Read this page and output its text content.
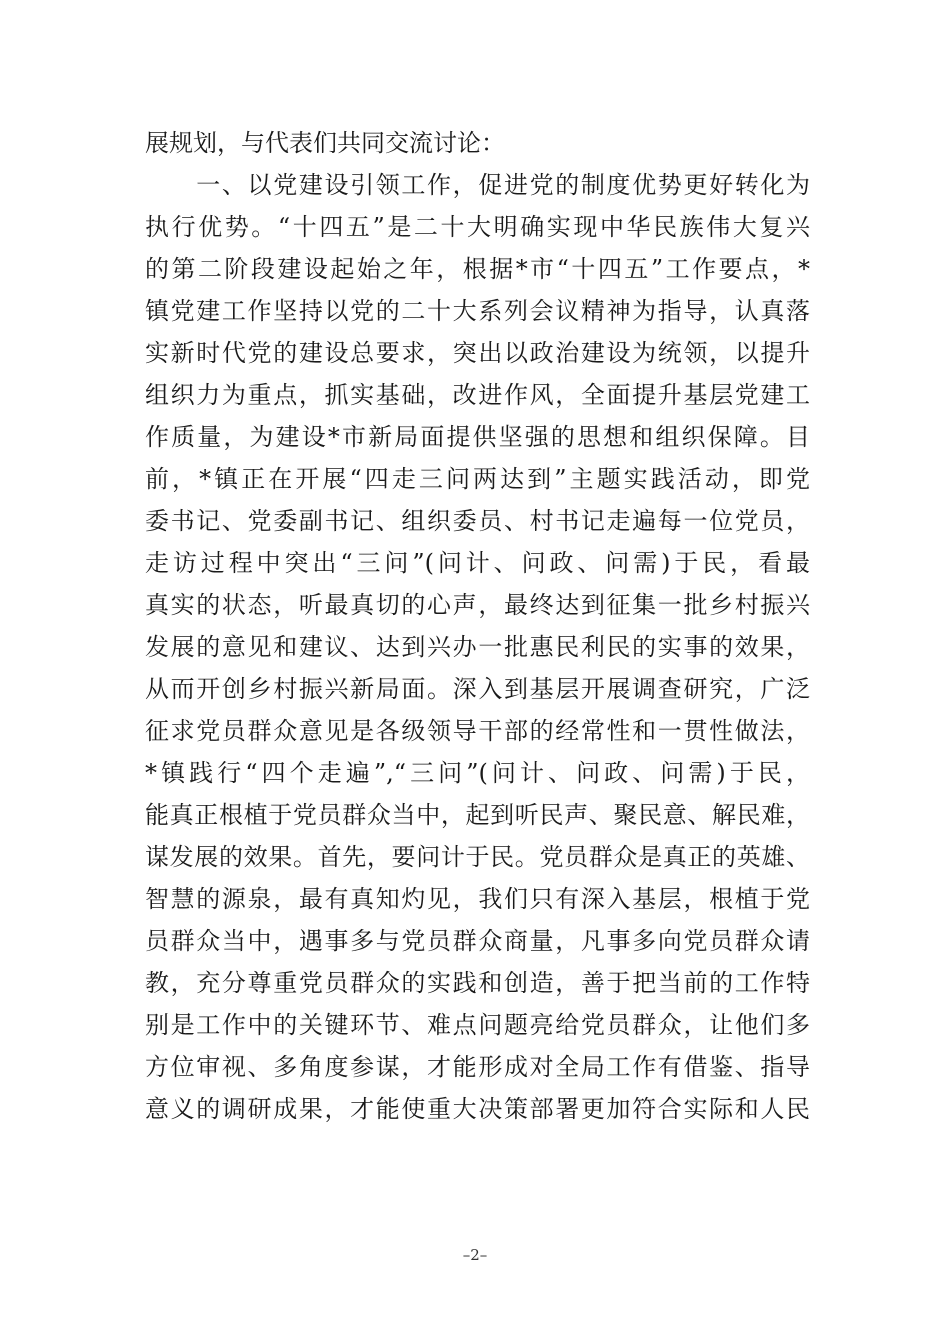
展规划，与代表们共同交流讨论：
　　一、以党建设引领工作，促进党的制度优势更好转化为
执行优势。“十四五”是二十大明确实现中华民族伟大复兴
的第二阶段建设起始之年，根据*市“十四五”工作要点，*
镇党建工作坚持以党的二十大系列会议精神为指导，认真落
实新时代党的建设总要求，突出以政治建设为统领，以提升
组织力为重点，抓实基础，改进作风，全面提升基层党建工
作质量，为建设*市新局面提供坚强的思想和组织保障。目
前，*镇正在开展“四走三问两达到”主题实践活动，即党
委书记、党委副书记、组织委员、村书记走遍每一位党员，
走访过程中突出“三问”(问计、问政、问需)于民，看最
真实的状态，听最真切的心声，最终达到征集一批乡村振兴
发展的意见和建议、达到兴办一批惠民利民的实事的效果，
从而开创乡村振兴新局面。深入到基层开展调查研究，广泛
征求党员群众意见是各级领导干部的经常性和一贯性做法，
*镇践行“四个走遍”,“三问”(问计、问政、问需)于民，
能真正根植于党员群众当中，起到听民声、聚民意、解民难，
谋发展的效果。首先，要问计于民。党员群众是真正的英雄、
智慧的源泉，最有真知灼见，我们只有深入基层，根植于党
员群众当中，遇事多与党员群众商量，凡事多向党员群众请
教，充分尊重党员群众的实践和创造，善于把当前的工作特
别是工作中的关键环节、难点问题亮给党员群众，让他们多
方位审视、多角度参谋，才能形成对全局工作有借鉴、指导
意义的调研成果，才能使重大决策部署更加符合实际和人民
–2–
